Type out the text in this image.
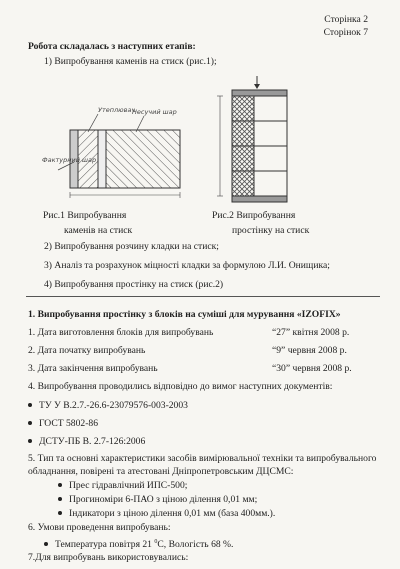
Сторінка 2
Сторінок 7
Робота складалась з наступних етапів:
1) Випробування каменів на стиск (рис.1);
Утеплювач
Несучий шар
Фактурний шар
Рис.1 Випробування
каменів на стиск
Рис.2 Випробування
простінку на стиск
2) Випробування розчину кладки на стиск;
3) Аналіз та розрахунок міцності кладки за формулою Л.И. Онищика;
4) Випробування простінку на стиск (рис.2)
1. Випробування простінку з блоків на суміші для мурування «IZOFIX»
1. Дата виготовлення блоків для випробувань	“27” квітня 2008 р.
2. Дата початку випробувань	“9” червня 2008 р.
3. Дата закінчення випробувань	“30” червня 2008 р.
4. Випробування проводились відповідно до вимог наступних документів:
ТУ У В.2.7.-26.6-23079576-003-2003
ГОСТ 5802-86
ДСТУ-ПБ В. 2.7-126:2006
5. Тип та основні характеристики засобів вимірювальної техніки та випробувального
обладнання, повірені та атестовані Дніпропетровським ДЦСМС:
Прес гідравлічний ИПС-500;
Прогиноміри 6-ПАО з ціною ділення 0,01 мм;
Індикатори з ціною ділення 0,01 мм (база 400мм.).
6. Умови проведення випробувань:
Температура повітря 21 $^0$С, Вологість 68 %.
7.Для випробувань використовувались:
